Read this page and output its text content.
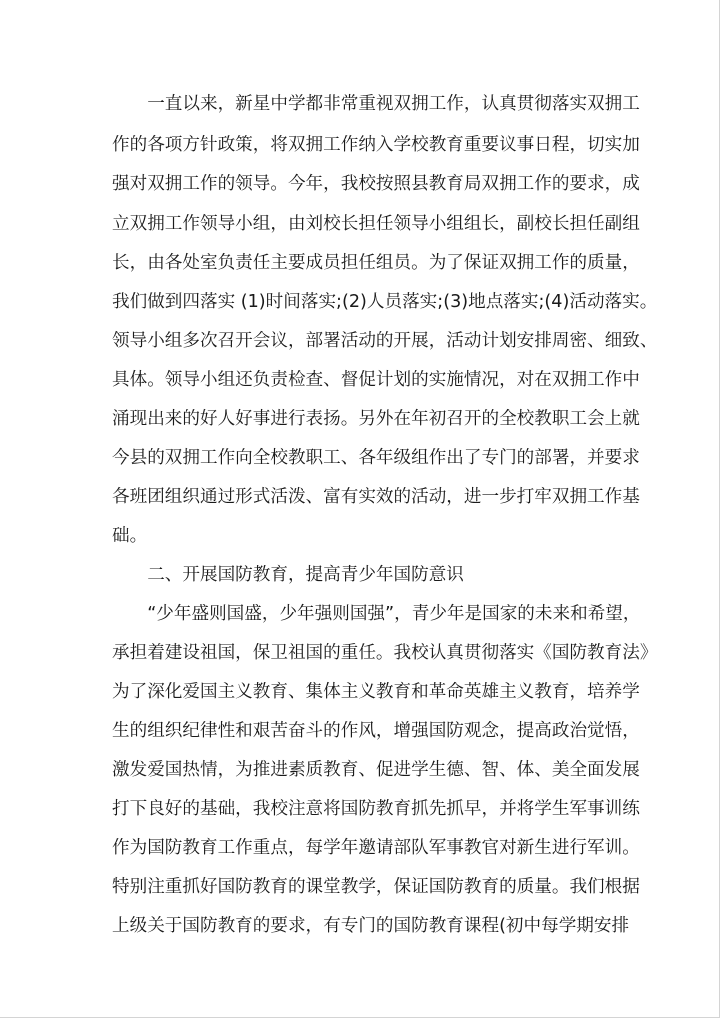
　　一直以来，新星中学都非常重视双拥工作，认真贯彻落实双拥工
作的各项方针政策，将双拥工作纳入学校教育重要议事日程，切实加
强对双拥工作的领导。今年，我校按照县教育局双拥工作的要求，成
立双拥工作领导小组，由刘校长担任领导小组组长，副校长担任副组
长，由各处室负责任主要成员担任组员。为了保证双拥工作的质量，
我们做到四落实 (1)时间落实;(2)人员落实;(3)地点落实;(4)活动落实。
领导小组多次召开会议，部署活动的开展，活动计划安排周密、细致、
具体。领导小组还负责检查、督促计划的实施情况，对在双拥工作中
涌现出来的好人好事进行表扬。另外在年初召开的全校教职工会上就
今县的双拥工作向全校教职工、各年级组作出了专门的部署，并要求
各班团组织通过形式活泼、富有实效的活动，进一步打牢双拥工作基
础。
　　二、开展国防教育，提高青少年国防意识
　　“少年盛则国盛，少年强则国强”，青少年是国家的未来和希望，
承担着建设祖国，保卫祖国的重任。我校认真贯彻落实《国防教育法》
为了深化爱国主义教育、集体主义教育和革命英雄主义教育，培养学
生的组织纪律性和艰苦奋斗的作风，增强国防观念，提高政治觉悟，
激发爱国热情，为推进素质教育、促进学生德、智、体、美全面发展
打下良好的基础，我校注意将国防教育抓先抓早，并将学生军事训练
作为国防教育工作重点，每学年邀请部队军事教官对新生进行军训。
特别注重抓好国防教育的课堂教学，保证国防教育的质量。我们根据
上级关于国防教育的要求，有专门的国防教育课程(初中每学期安排
